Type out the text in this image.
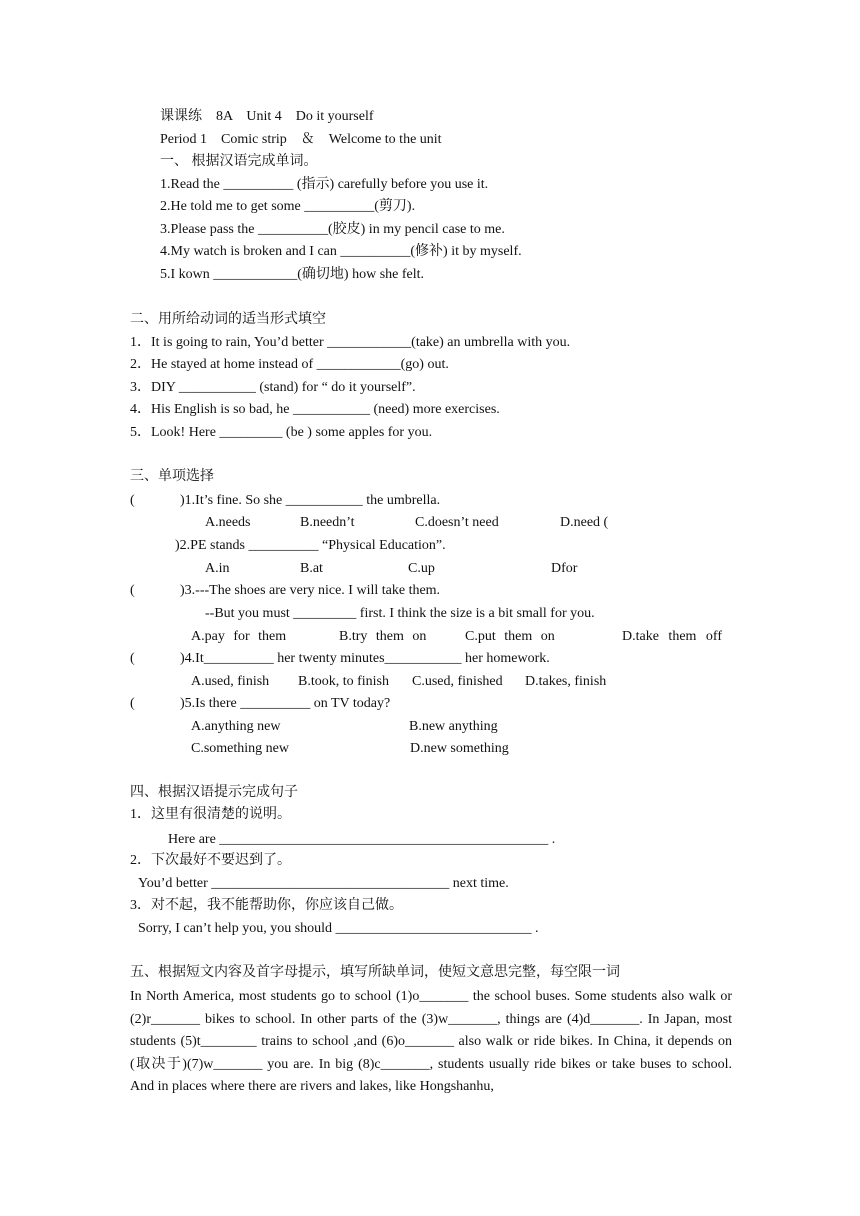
课课练　8A　Unit 4　Do it yourself
Period 1　Comic strip　＆　Welcome to the unit
一、 根据汉语完成单词。
1.Read the __________ (指示) carefully before you use it.
2.He told me to get some __________(剪刀).
3.Please pass the __________(胶皮) in my pencil case to me.
4.My watch is broken and I can __________(修补) it by myself.
5.I kown ____________(确切地) how she felt.
二、用所给动词的适当形式填空
1．It is going to rain, You’d better ____________(take) an umbrella with you.
2．He stayed at home instead of ____________(go) out.
3．DIY ___________ (stand) for “ do it yourself”.
4．His English is so bad, he ___________ (need) more exercises.
5．Look! Here _________ (be ) some apples for you.
三、单项选择
(	)1.It’s fine. So she ___________ the umbrella.
A.needs	B.needn’t	C.doesn’t need	D.need (
)2.PE stands __________ “Physical Education”.
A.in	B.at	C.up	Dfor
(	)3.---The shoes are very nice. I will take them.
--But you must _________ first. I think the size is a bit small for you.
A.pay for them	B.try them on	C.put them on	D.take them off
(	)4.It__________ her twenty minutes___________ her homework.
A.used, finish B.took, to finish C.used, finished D.takes, finish
(	)5.Is there __________ on TV today?
A.anything new	B.new anything
C.something new	D.new something
四、根据汉语提示完成句子
1．这里有很清楚的说明。
Here are _______________________________________________ .
2．下次最好不要迟到了。
You’d better __________________________________ next time.
3．对不起，我不能帮助你，你应该自己做。
Sorry, I can’t help you, you should ____________________________ .
五、根据短文内容及首字母提示，填写所缺单词，使短文意思完整，每空限一词
In North America, most students go to school (1)o_______ the school buses. Some students also walk or (2)r_______ bikes to school. In other parts of the (3)w_______, things are (4)d_______. In Japan, most students (5)t________ trains to school ,and (6)o_______ also walk or ride bikes. In China, it depends on (取决于)(7)w_______ you are. In big (8)c_______, students usually ride bikes or take buses to school. And in places where there are rivers and lakes, like Hongshanhu,
